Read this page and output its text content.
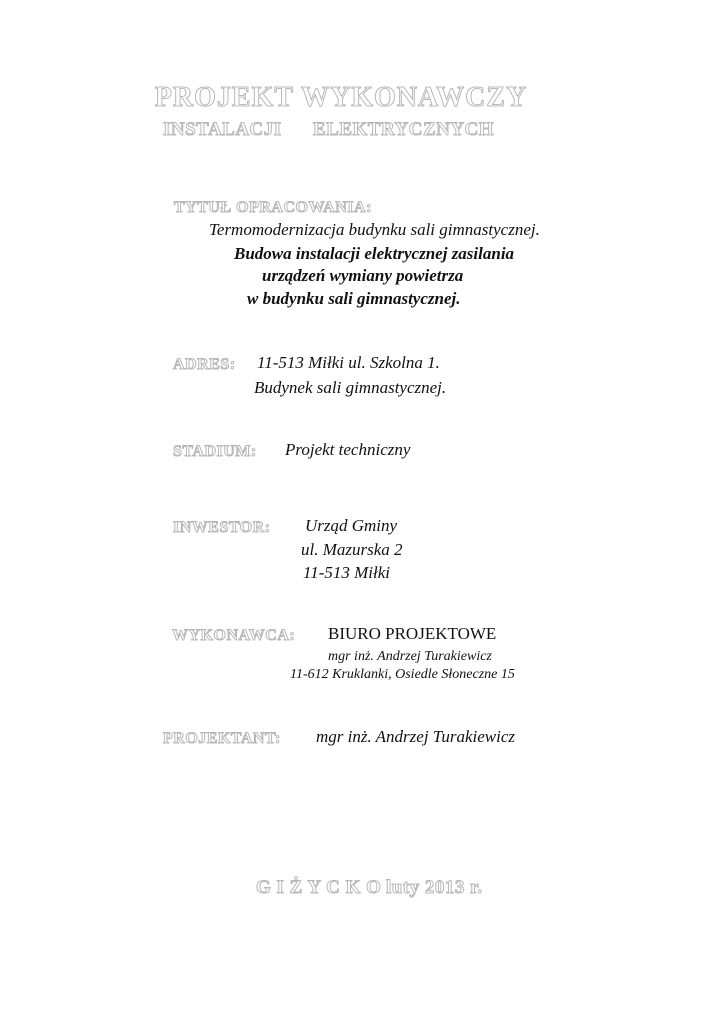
PROJEKT WYKONAWCZY
INSTALACJI ELEKTRYCZNYCH
TYTUŁ OPRACOWANIA:
Termomodernizacja budynku sali gimnastycznej.
Budowa instalacji elektrycznej zasilania
urządzeń wymiany powietrza
w budynku sali gimnastycznej.
ADRES: 11-513 Miłki ul. Szkolna 1.
Budynek sali gimnastycznej.
STADIUM: Projekt techniczny
INWESTOR: Urząd Gminy
ul. Mazurska 2
11-513 Miłki
WYKONAWCA: BIURO PROJEKTOWE
mgr inż. Andrzej Turakiewicz
11-612 Kruklanki, Osiedle Słoneczne 15
PROJEKTANT: mgr inż. Andrzej Turakiewicz
G I Ż Y C K O luty 2013 r.
